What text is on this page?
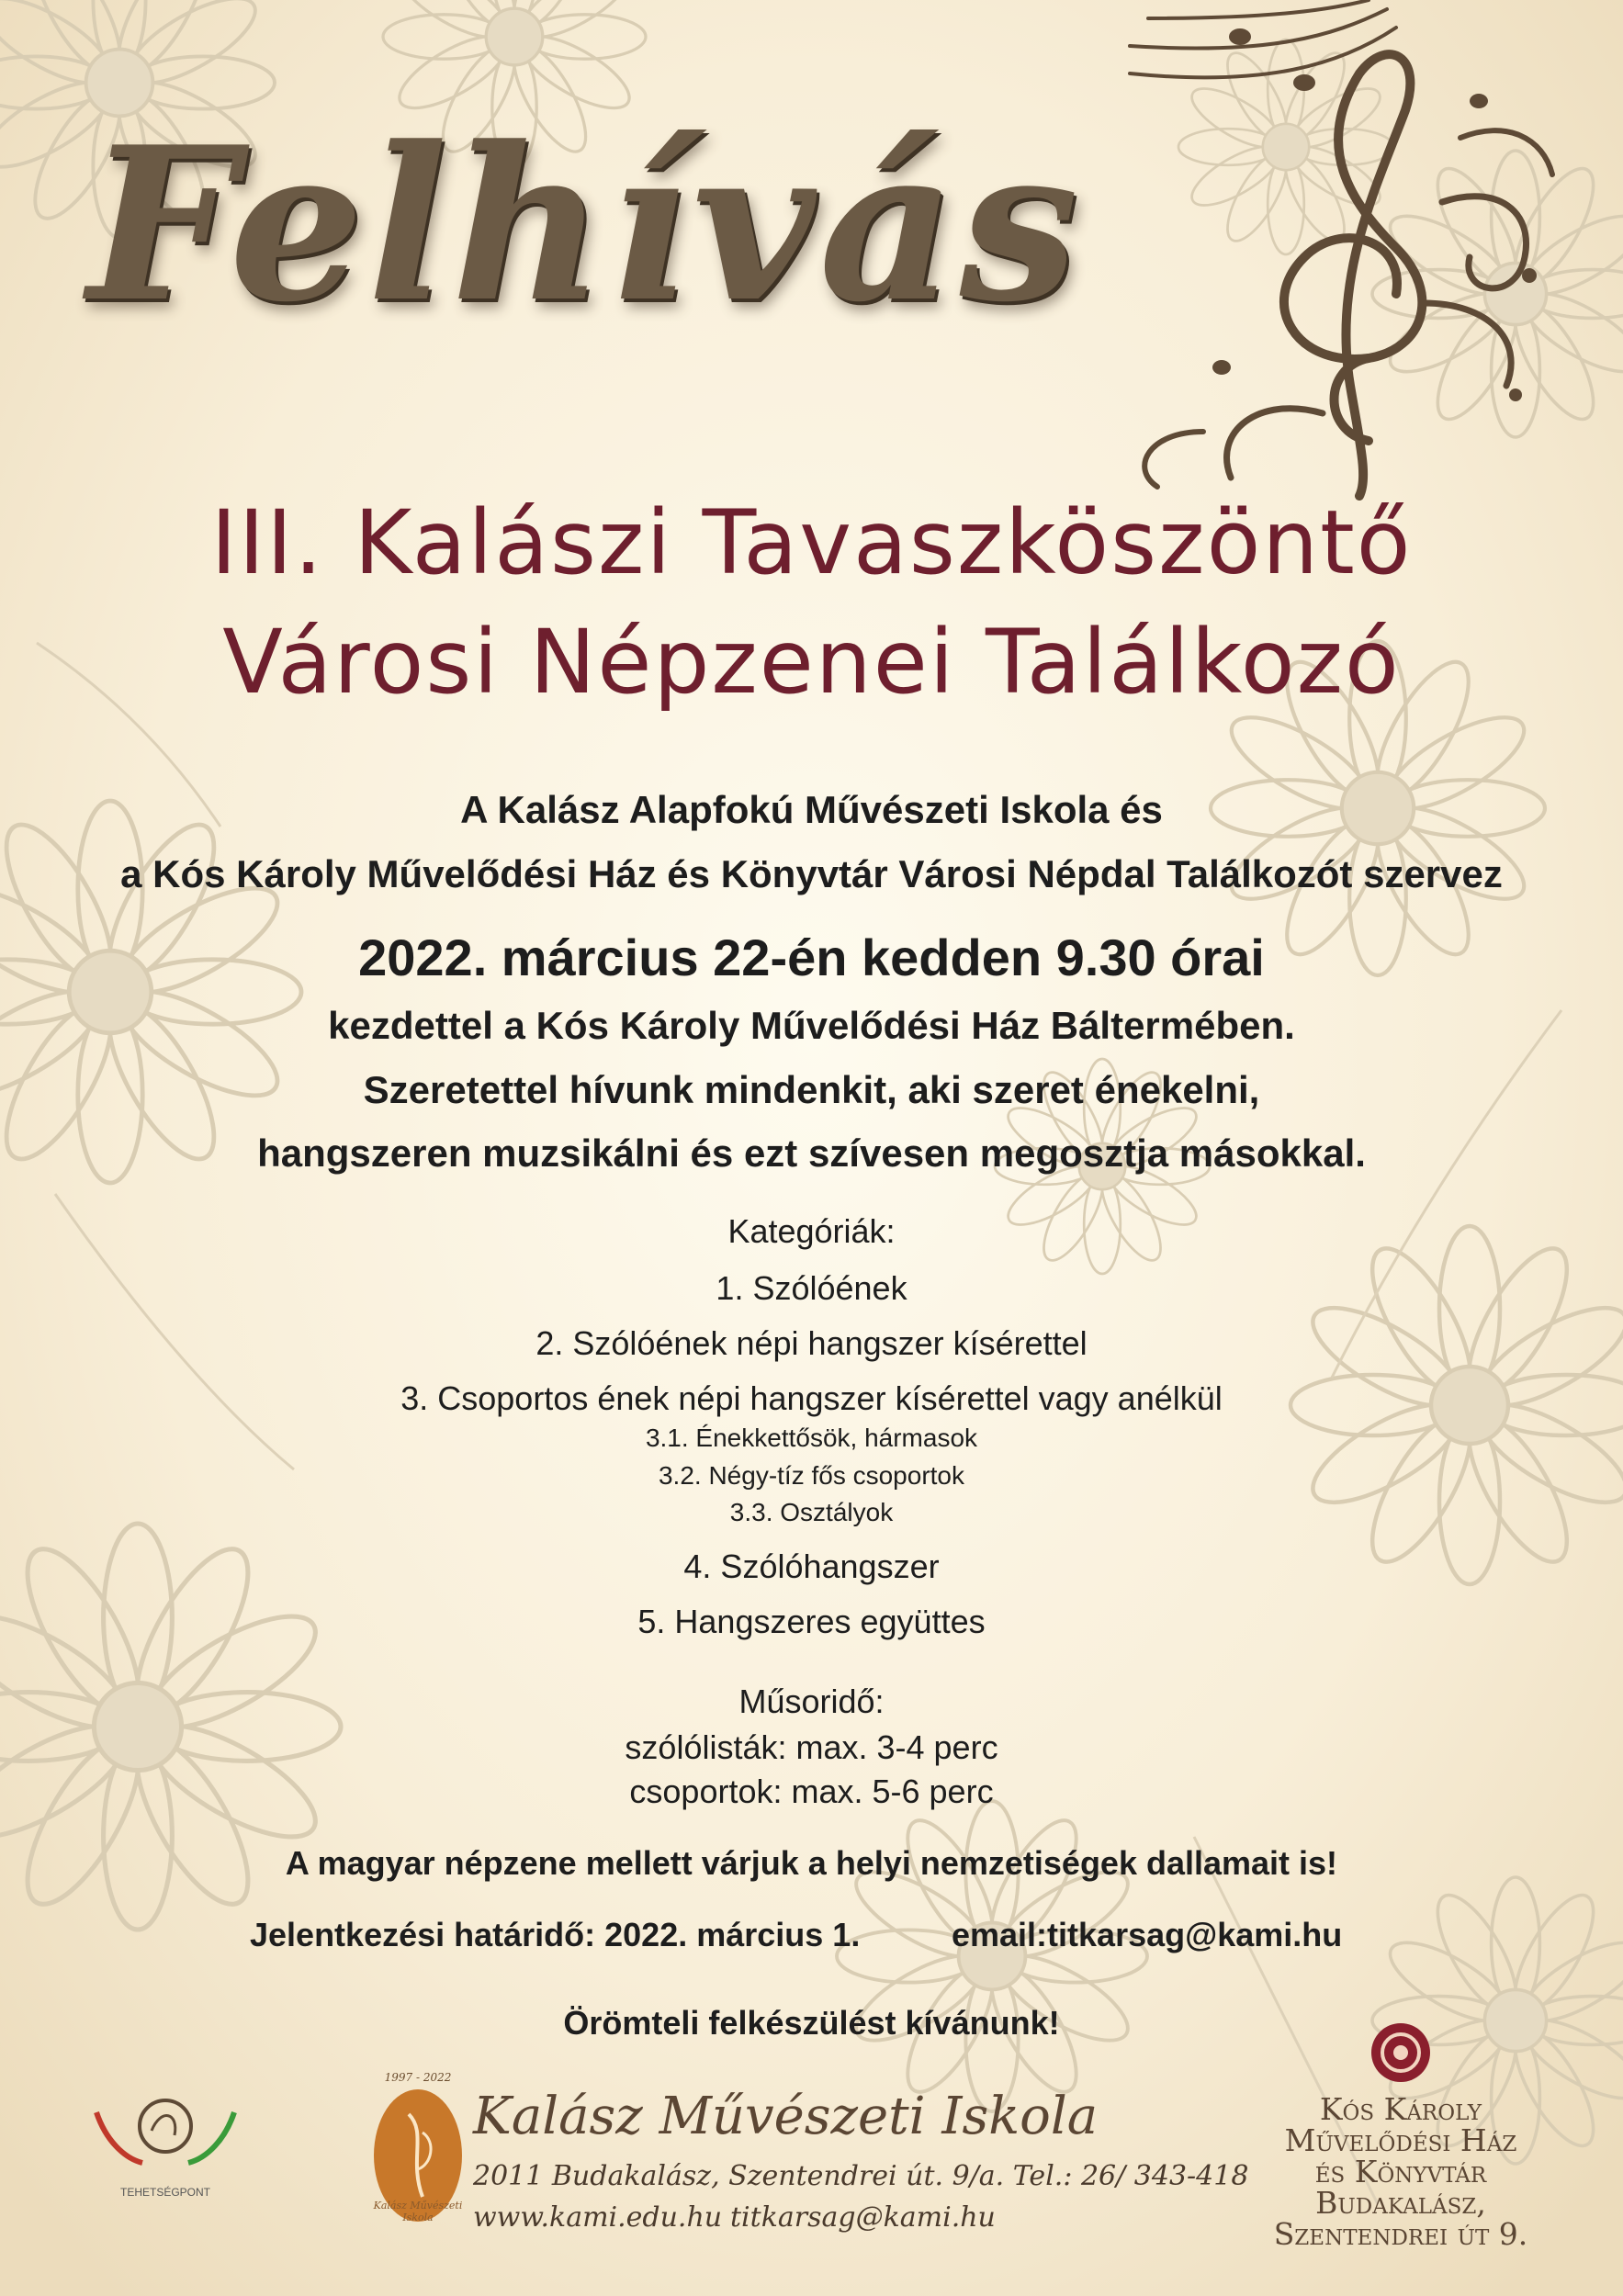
Felhívás
III. Kalászi Tavaszköszöntő
Városi Népzenei Találkozó
A Kalász Alapfokú Művészeti Iskola és
a Kós Károly Művelődési Ház és Könyvtár Városi Népdal Találkozót szervez
2022. március 22-én kedden 9.30 órai
kezdettel a Kós Károly Művelődési Ház Báltermében.
Szeretettel hívunk mindenkit, aki szeret énekelni,
hangszeren muzsikálni és ezt szívesen megosztja másokkal.
Kategóriák:
1. Szólóének
2. Szólóének népi hangszer kísérettel
3. Csoportos ének népi hangszer kísérettel vagy anélkül
3.1. Énekkettősök, hármasok
3.2. Négy-tíz fős csoportok
3.3. Osztályok
4. Szólóhangszer
5. Hangszeres együttes
Műsoridő:
szólólisták: max. 3-4 perc
csoportok: max. 5-6 perc
A magyar népzene mellett várjuk a helyi nemzetiségek dallamait is!
Jelentkezési határidő: 2022. március 1.	email:titkarsag@kami.hu
Örömteli felkészülést kívánunk!
TEHETSÉGPONT
1997 - 2022
Kalász Művészeti Iskola
Kalász Művészeti Iskola
2011 Budakalász, Szentendrei út. 9/a. Tel.: 26/ 343-418
www.kami.edu.hu titkarsag@kami.hu
Kós Károly
Művelődési Ház
és Könyvtár
Budakalász,
Szentendrei út 9.
